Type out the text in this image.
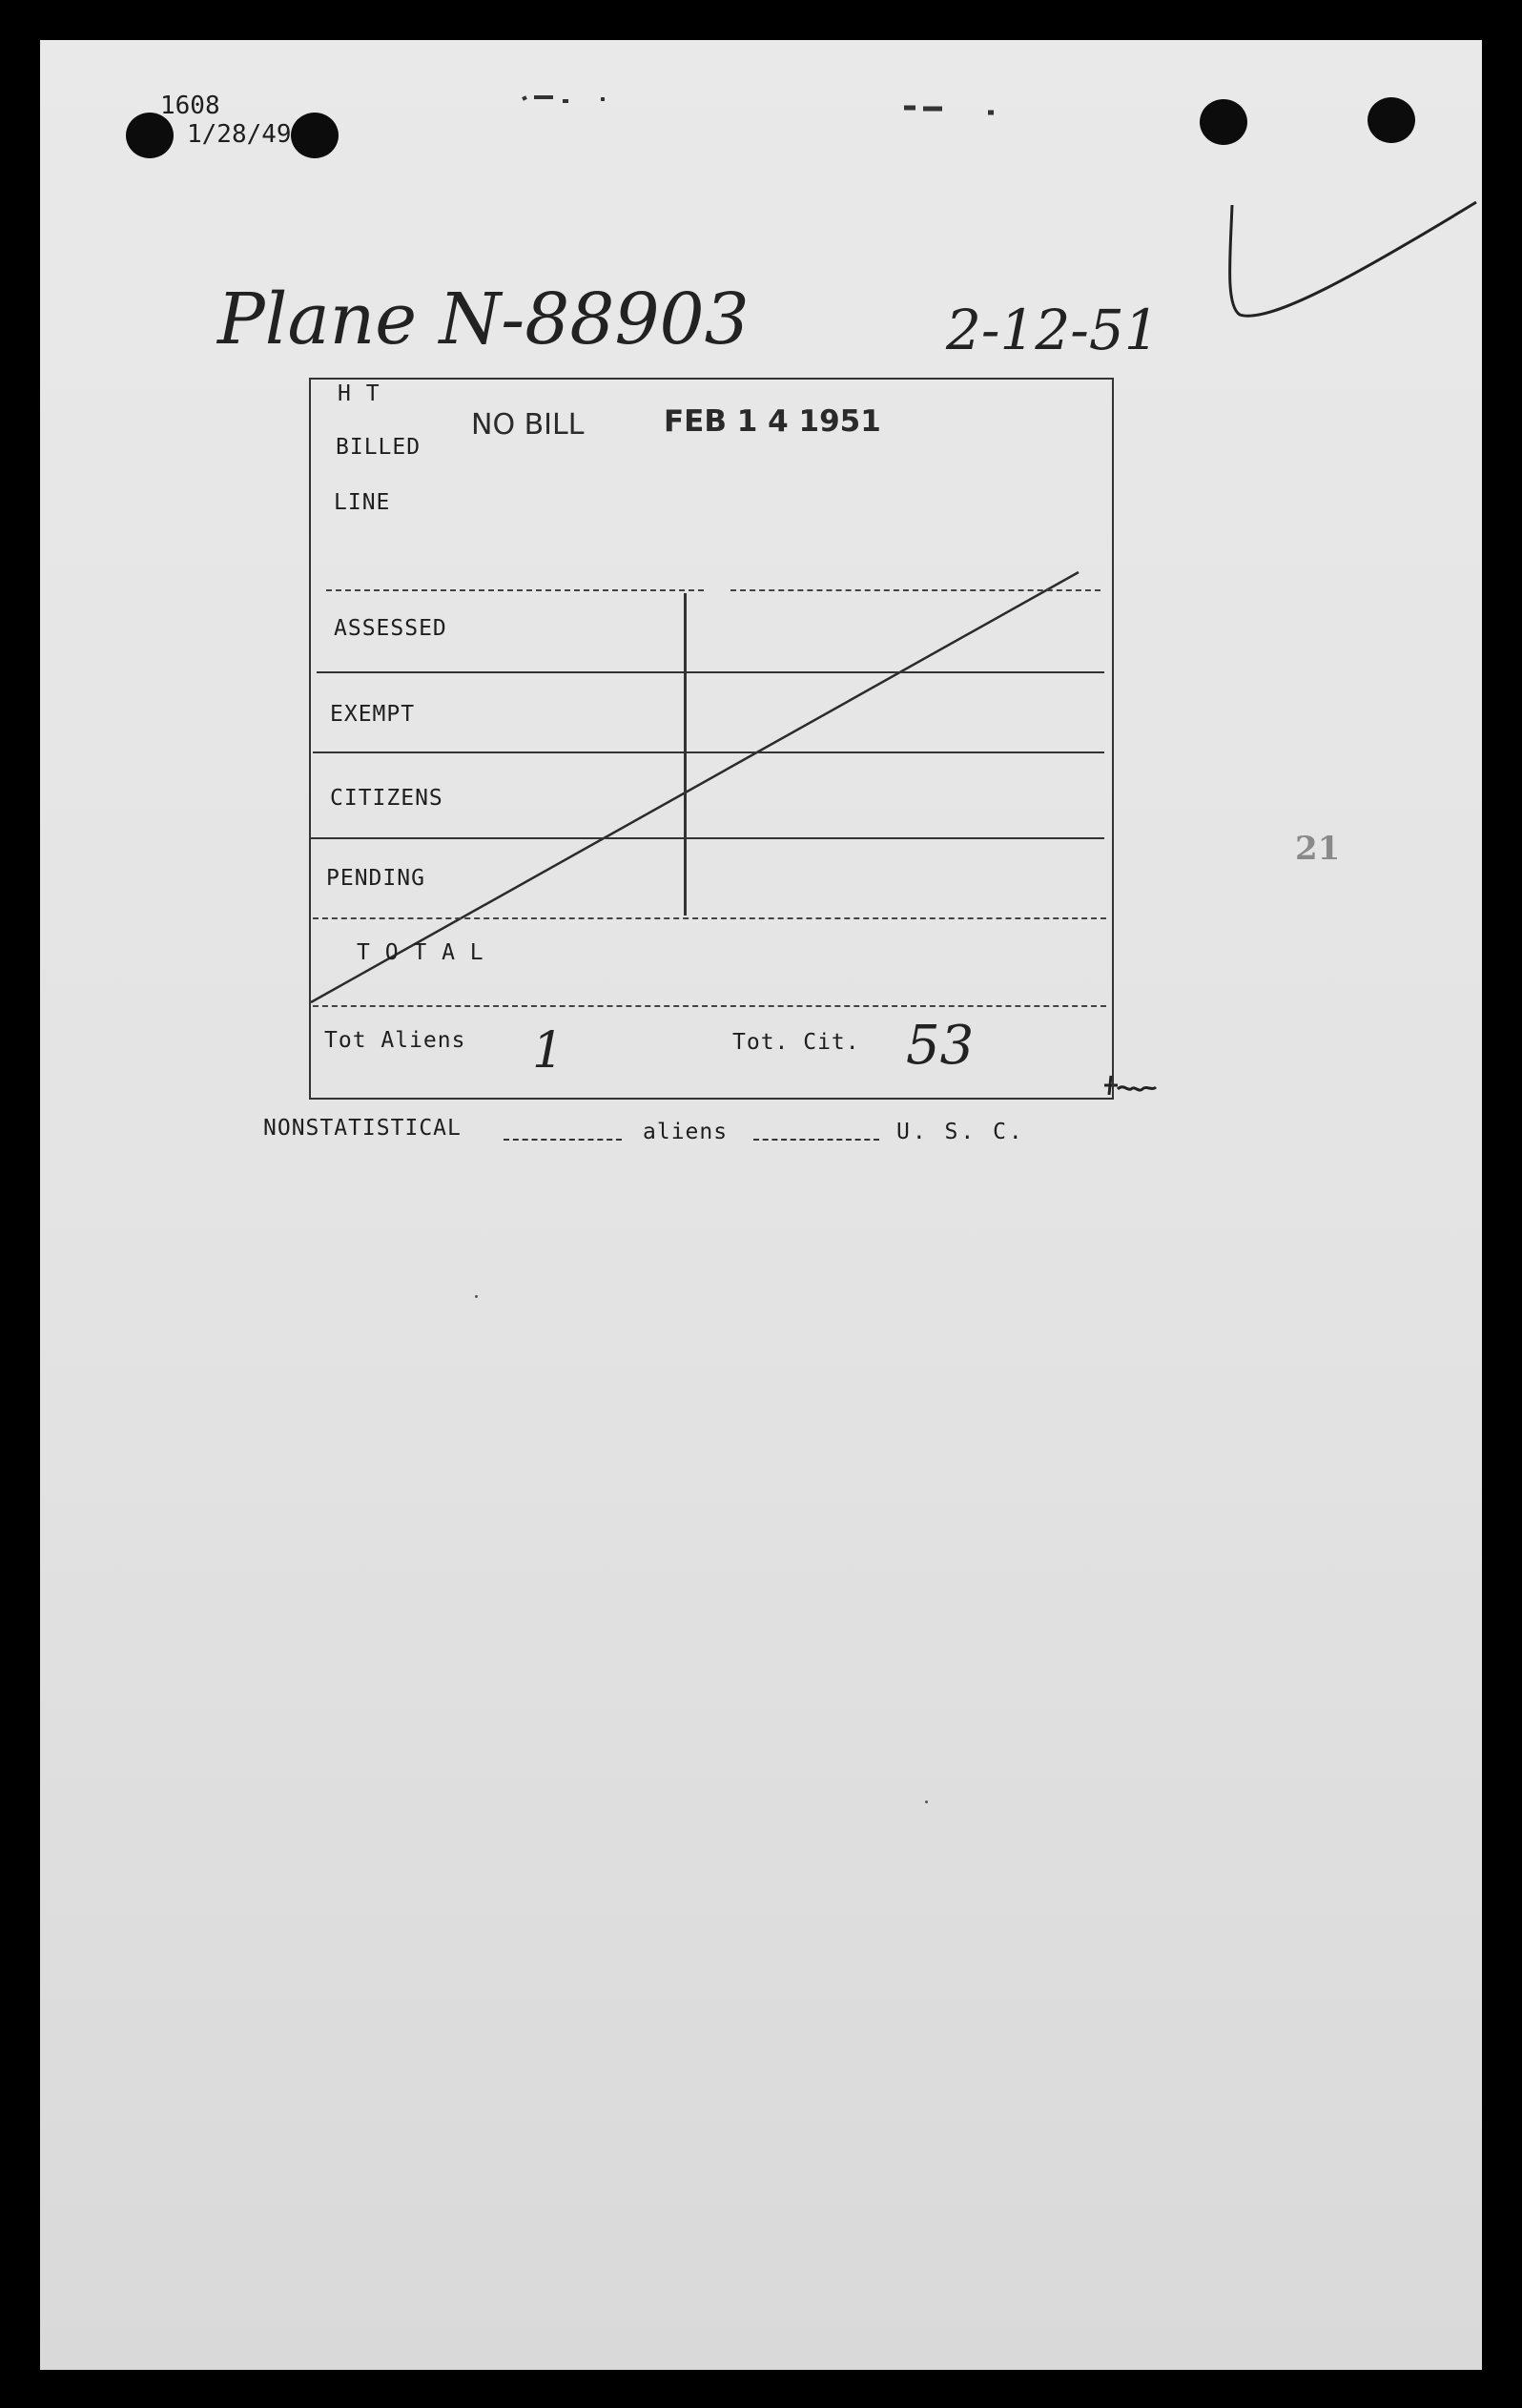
1608
1/28/49
Plane N-88903	2-12-51
H T
BILLED
LINE
NO BILL	FEB 1 4 1951
ASSESSED
EXEMPT
CITIZENS
PENDING
T O T A L
Tot Aliens 1	Tot. Cit. 53
NONSTATISTICAL	aliens	U. S. C.
21
